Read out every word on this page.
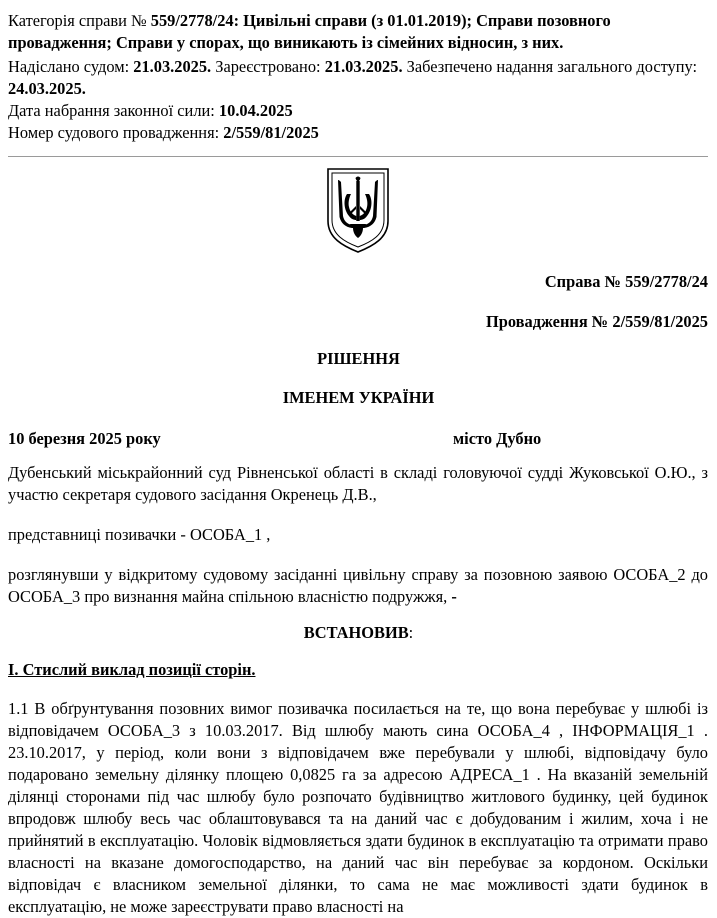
Категорія справи № 559/2778/24: Цивільні справи (з 01.01.2019); Справи позовного провадження; Справи у спорах, що виникають із сімейних відносин, з них.

Надіслано судом: 21.03.2025. Зареєстровано: 21.03.2025. Забезпечено надання загального доступу: 24.03.2025.

Дата набрання законної сили: 10.04.2025

Номер судового провадження: 2/559/81/2025

Справа № 559/2778/24
Провадження № 2/559/81/2025
РІШЕННЯ
ІМЕНЕМ УКРАЇНИ
10 березня 2025 року	місто Дубно
Дубенський міськрайонний суд Рівненської області в складі головуючої судді Жуковської О.Ю., з участю секретаря судового засідання Окренець Д.В.,
представниці позивачки - ОСОБА_1 ,
розглянувши у відкритому судовому засіданні цивільну справу за позовною заявою ОСОБА_2 до ОСОБА_3 про визнання майна спільною власністю подружжя, -
ВСТАНОВИВ:
I. Стислий виклад позиції сторін.
1.1 В обґрунтування позовних вимог позивачка посилається на те, що вона перебуває у шлюбі із відповідачем ОСОБА_3 з 10.03.2017. Від шлюбу мають сина ОСОБА_4 , ІНФОРМАЦІЯ_1 . 23.10.2017, у період, коли вони з відповідачем вже перебували у шлюбі, відповідачу було подаровано земельну ділянку площею 0,0825 га за адресою АДРЕСА_1 . На вказаній земельній ділянці сторонами під час шлюбу було розпочато будівництво житлового будинку, цей будинок впродовж шлюбу весь час облаштовувався та на даний час є добудованим і жилим, хоча і не прийнятий в експлуатацію. Чоловік відмовляється здати будинок в експлуатацію та отримати право власності на вказане домогосподарство, на даний час він перебуває за кордоном. Оскільки відповідач є власником земельної ділянки, то сама не має можливості здати будинок в експлуатацію, не може зареєструвати право власності на
